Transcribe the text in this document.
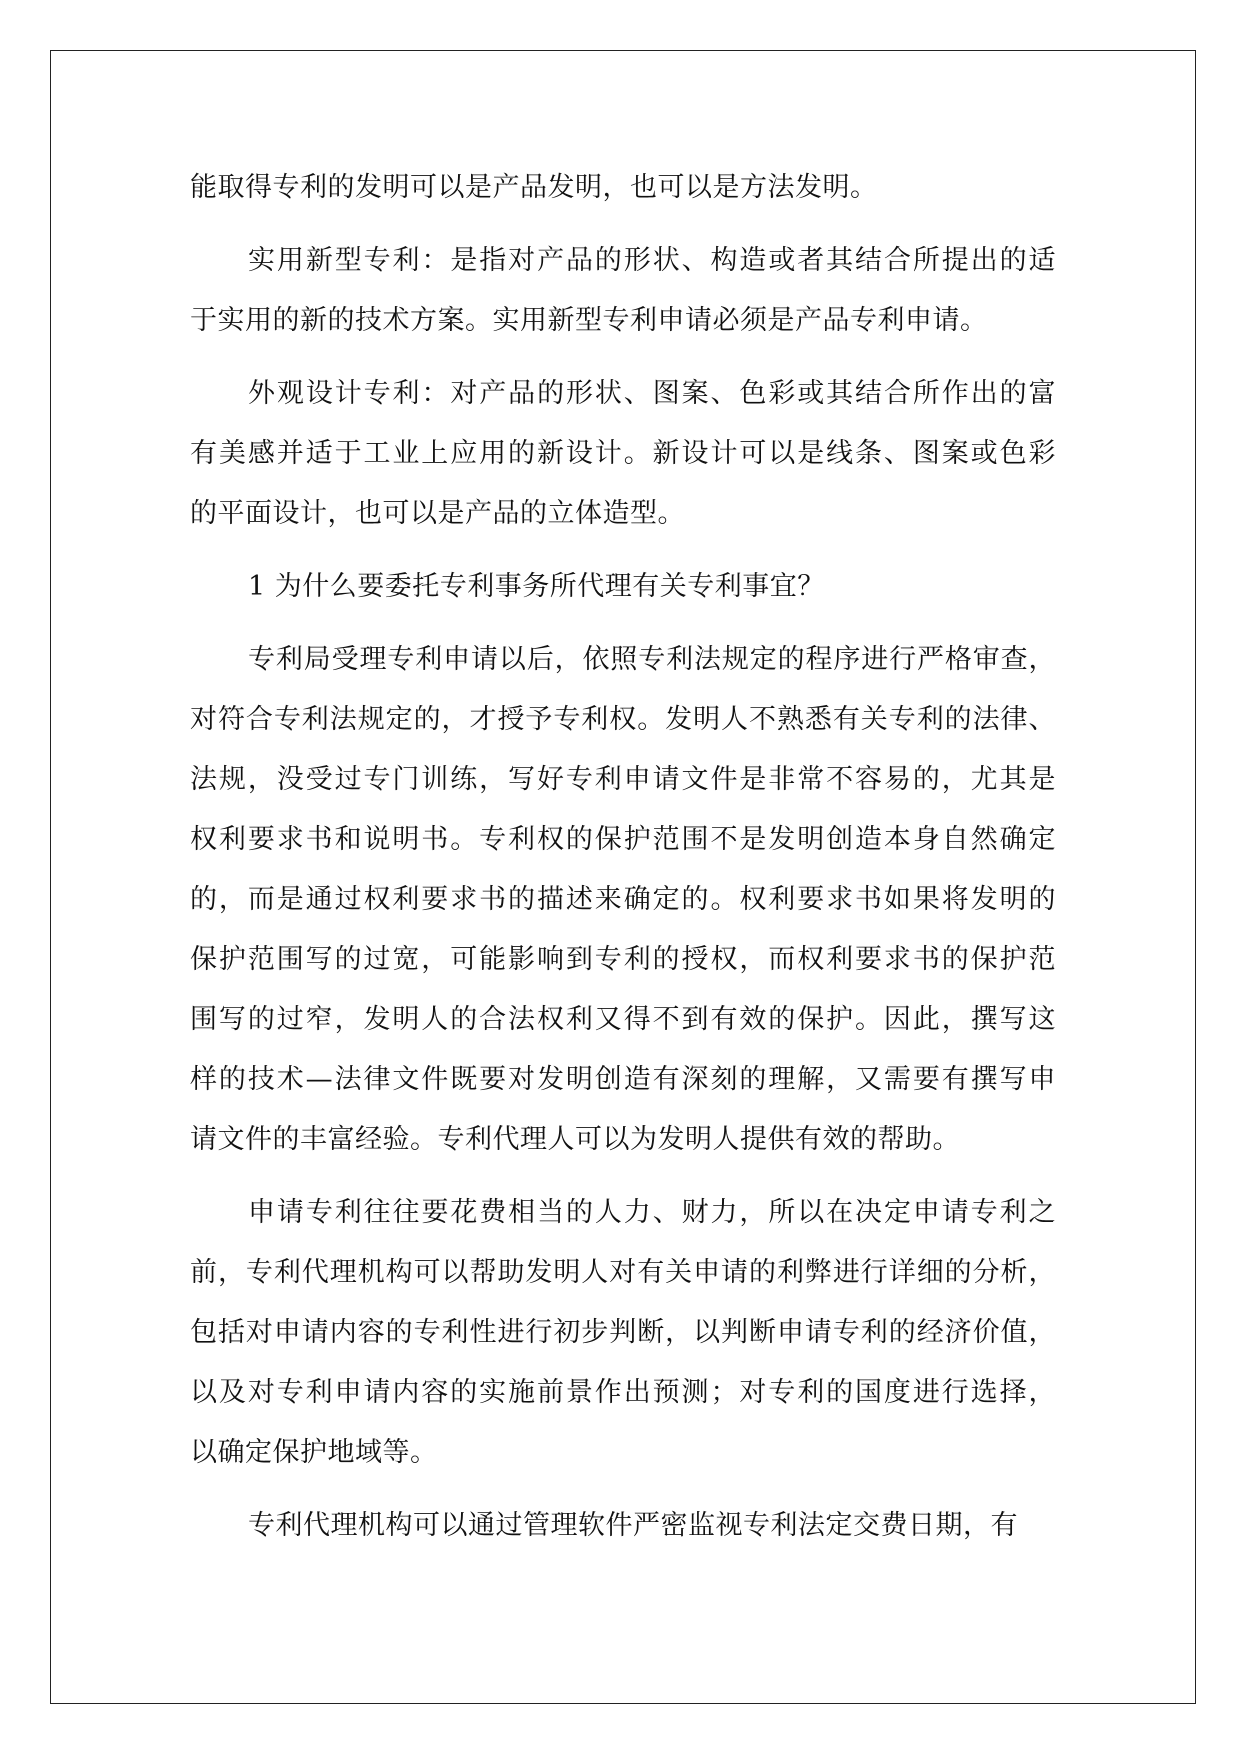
能取得专利的发明可以是产品发明，也可以是方法发明。
实用新型专利：是指对产品的形状、构造或者其结合所提出的适
于实用的新的技术方案。实用新型专利申请必须是产品专利申请。
外观设计专利：对产品的形状、图案、色彩或其结合所作出的富
有美感并适于工业上应用的新设计。新设计可以是线条、图案或色彩
的平面设计，也可以是产品的立体造型。
1 为什么要委托专利事务所代理有关专利事宜？
专利局受理专利申请以后，依照专利法规定的程序进行严格审查，
对符合专利法规定的，才授予专利权。发明人不熟悉有关专利的法律、
法规，没受过专门训练，写好专利申请文件是非常不容易的，尤其是
权利要求书和说明书。专利权的保护范围不是发明创造本身自然确定
的，而是通过权利要求书的描述来确定的。权利要求书如果将发明的
保护范围写的过宽，可能影响到专利的授权，而权利要求书的保护范
围写的过窄，发明人的合法权利又得不到有效的保护。因此，撰写这
样的技术—法律文件既要对发明创造有深刻的理解，又需要有撰写申
请文件的丰富经验。专利代理人可以为发明人提供有效的帮助。
申请专利往往要花费相当的人力、财力，所以在决定申请专利之
前，专利代理机构可以帮助发明人对有关申请的利弊进行详细的分析，
包括对申请内容的专利性进行初步判断，以判断申请专利的经济价值，
以及对专利申请内容的实施前景作出预测；对专利的国度进行选择，
以确定保护地域等。
专利代理机构可以通过管理软件严密监视专利法定交费日期，有
